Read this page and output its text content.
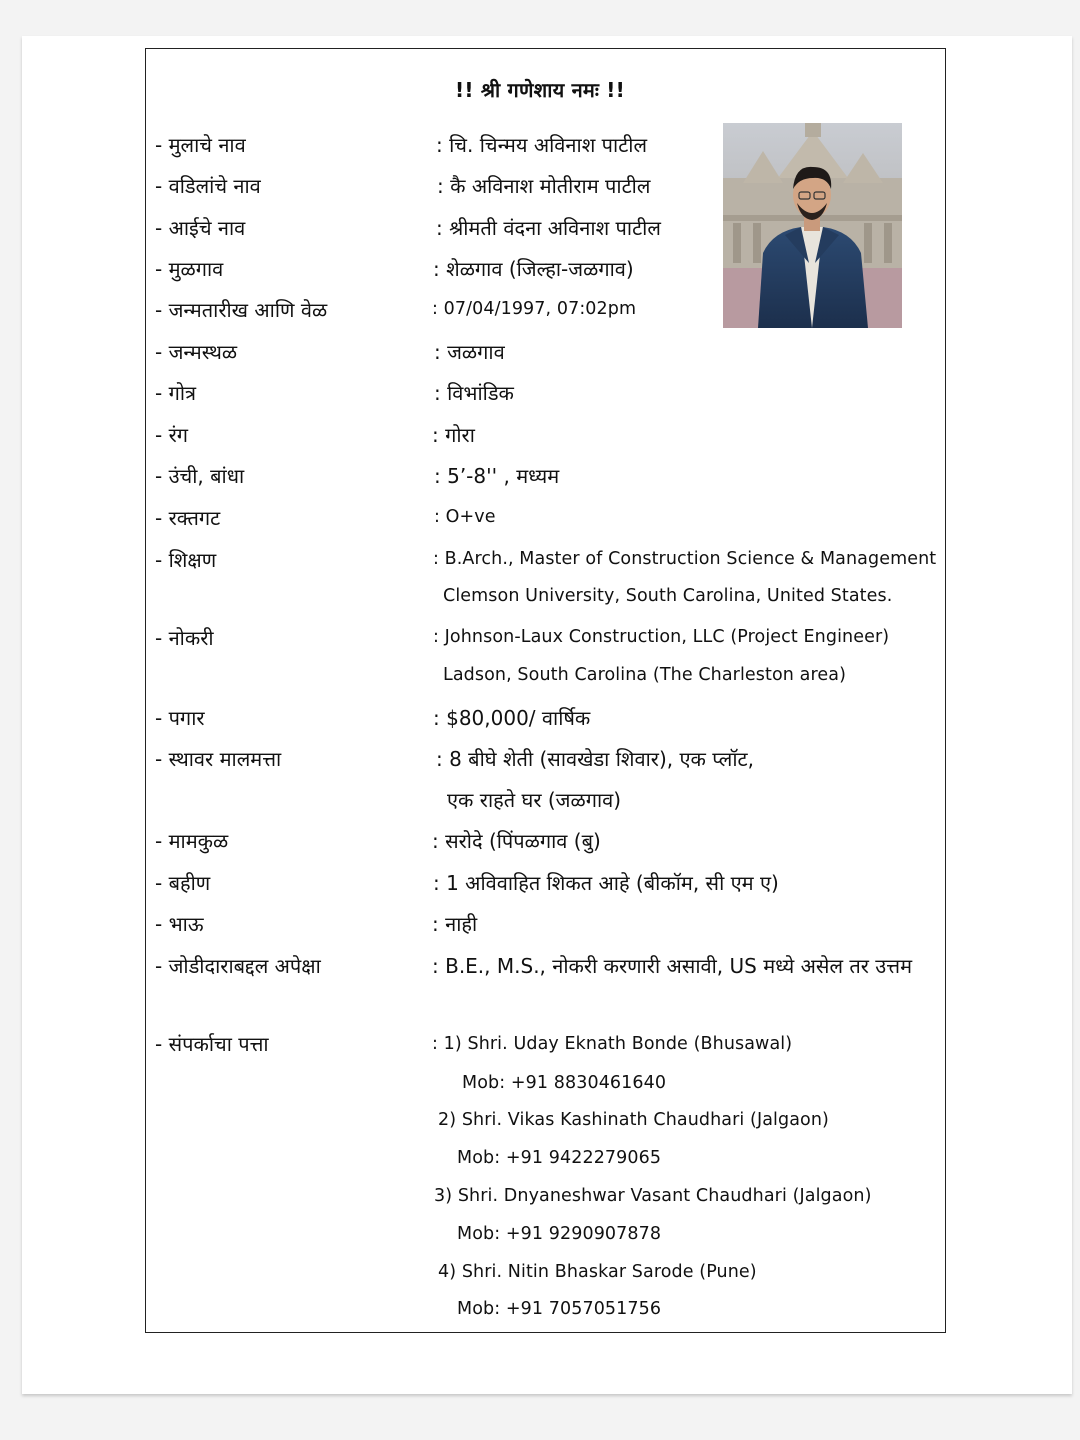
!! श्री गणेशाय नमः !!
- मुलाचे नाव	: चि. चिन्मय अविनाश पाटील
- वडिलांचे नाव	: कै अविनाश मोतीराम पाटील
- आईचे नाव	: श्रीमती वंदना अविनाश पाटील
- मुळगाव	: शेळगाव (जिल्हा-जळगाव)
- जन्मतारीख आणि वेळ	: 07/04/1997, 07:02pm
- जन्मस्थळ	: जळगाव
- गोत्र	: विभांडिक
- रंग	: गोरा
- उंची, बांधा	: 5’-8'' , मध्यम
- रक्तगट	: O+ve
- शिक्षण	: B.Arch., Master of Construction Science & Management
Clemson University, South Carolina, United States.
- नोकरी	: Johnson-Laux Construction, LLC (Project Engineer)
Ladson, South Carolina (The Charleston area)
- पगार	: $80,000/ वार्षिक
- स्थावर मालमत्ता	: 8 बीघे शेती (सावखेडा शिवार), एक प्लॉट,
एक राहते घर (जळगाव)
- मामकुळ	: सरोदे (पिंपळगाव (बु)
- बहीण	: 1 अविवाहित शिकत आहे (बीकॉम, सी एम ए)
- भाऊ	: नाही
- जोडीदाराबद्दल अपेक्षा	: B.E., M.S., नोकरी करणारी असावी, US मध्ये असेल तर उत्तम
- संपर्काचा पत्ता	: 1) Shri. Uday Eknath Bonde (Bhusawal)
Mob: +91 8830461640
2) Shri. Vikas Kashinath Chaudhari (Jalgaon)
Mob: +91 9422279065
3) Shri. Dnyaneshwar Vasant Chaudhari (Jalgaon)
Mob: +91 9290907878
4) Shri. Nitin Bhaskar Sarode (Pune)
Mob: +91 7057051756
